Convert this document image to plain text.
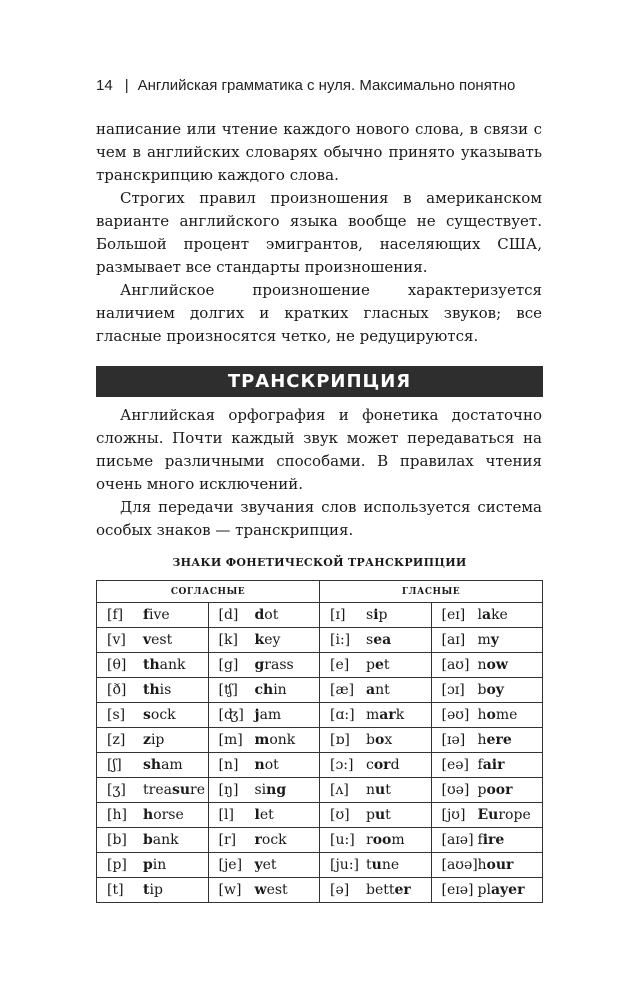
14 | Английская грамматика с нуля. Максимально понятно

написание или чтение каждого нового слова, в связи с чем в английских словарях обычно принято указывать транскрипцию каждого слова.

Строгих правил произношения в американском варианте английского языка вообще не существует. Большой процент эмигрантов, населяющих США, размывает все стандарты произношения.

Английское произношение характеризуется наличием долгих и кратких гласных звуков; все гласные произносятся четко, не редуцируются.

ТРАНСКРИПЦИЯ

Английская орфография и фонетика достаточно сложны. Почти каждый звук может передаваться на письме различными способами. В правилах чтения очень много исключений.

Для передачи звучания слов используется система особых знаков — транскрипция.

ЗНАКИ ФОНЕТИЧЕСКОЙ ТРАНСКРИПЦИИ
СОГЛАСНЫЕ		ГЛАСНЫЕ	
[f] five	[d] dot	[ɪ] sip	[eɪ] lake
[v] vest	[k] key	[i:] sea	[aɪ] my
[θ] thank	[g] grass	[e] pet	[aʊ] now
[ð] this	[ʧ] chin	[æ] ant	[ɔɪ] boy
[s] sock	[ʤ] jam	[ɑ:] mark	[əʊ] home
[z] zip	[m] monk	[ɒ] box	[ɪə] here
[ʃ] sham	[n] not	[ɔ:] cord	[eə] fair
[ʒ] treasure	[ŋ] sing	[ʌ] nut	[ʊə] poor
[h] horse	[l] let	[ʊ] put	[jʊ] Europe
[b] bank	[r] rock	[u:] room	[aɪə] fire
[p] pin	[je] yet	[ju:] tune	[aʊə]hour
[t] tip	[w] west	[ə] better	[eɪə] player
